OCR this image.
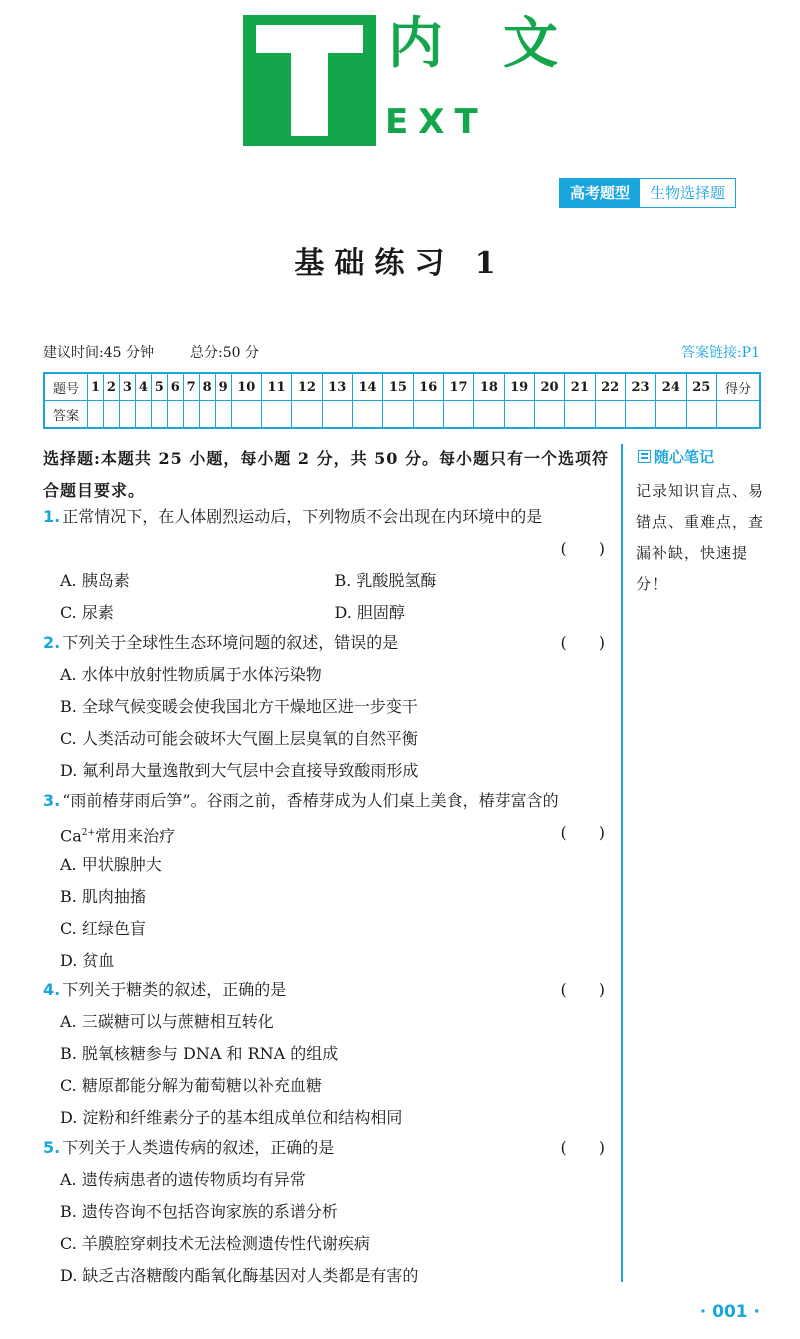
内文
EXT
高考题型	生物选择题
基础练习 1
建议时间:45 分钟	总分:50 分	答案链接:P1
题号	1	2	3	4	5	6	7	8	9	10	11	12	13	14	15	16	17	18	19	20	21	22	23	24	25	得分
答案																										
随心笔记
记录知识盲点、易错点、重难点，查漏补缺，快速提分！
选择题:本题共 25 小题，每小题 2 分，共 50 分。每小题只有一个选项符合题目要求。
1. 正常情况下，在人体剧烈运动后，下列物质不会出现在内环境中的是
(　　)
A. 胰岛素	B. 乳酸脱氢酶
C. 尿素	D. 胆固醇
2. 下列关于全球性生态环境问题的叙述，错误的是	(　　)
A. 水体中放射性物质属于水体污染物
B. 全球气候变暖会使我国北方干燥地区进一步变干
C. 人类活动可能会破坏大气圈上层臭氧的自然平衡
D. 氟利昂大量逸散到大气层中会直接导致酸雨形成
3. “雨前椿芽雨后笋”。谷雨之前，香椿芽成为人们桌上美食，椿芽富含的
$Ca^{2+}$常用来治疗	(　　)
A. 甲状腺肿大
B. 肌肉抽搐
C. 红绿色盲
D. 贫血
4. 下列关于糖类的叙述，正确的是	(　　)
A. 三碳糖可以与蔗糖相互转化
B. 脱氧核糖参与 DNA 和 RNA 的组成
C. 糖原都能分解为葡萄糖以补充血糖
D. 淀粉和纤维素分子的基本组成单位和结构相同
5. 下列关于人类遗传病的叙述，正确的是	(　　)
A. 遗传病患者的遗传物质均有异常
B. 遗传咨询不包括咨询家族的系谱分析
C. 羊膜腔穿刺技术无法检测遗传性代谢疾病
D. 缺乏古洛糖酸内酯氧化酶基因对人类都是有害的
· 001 ·
